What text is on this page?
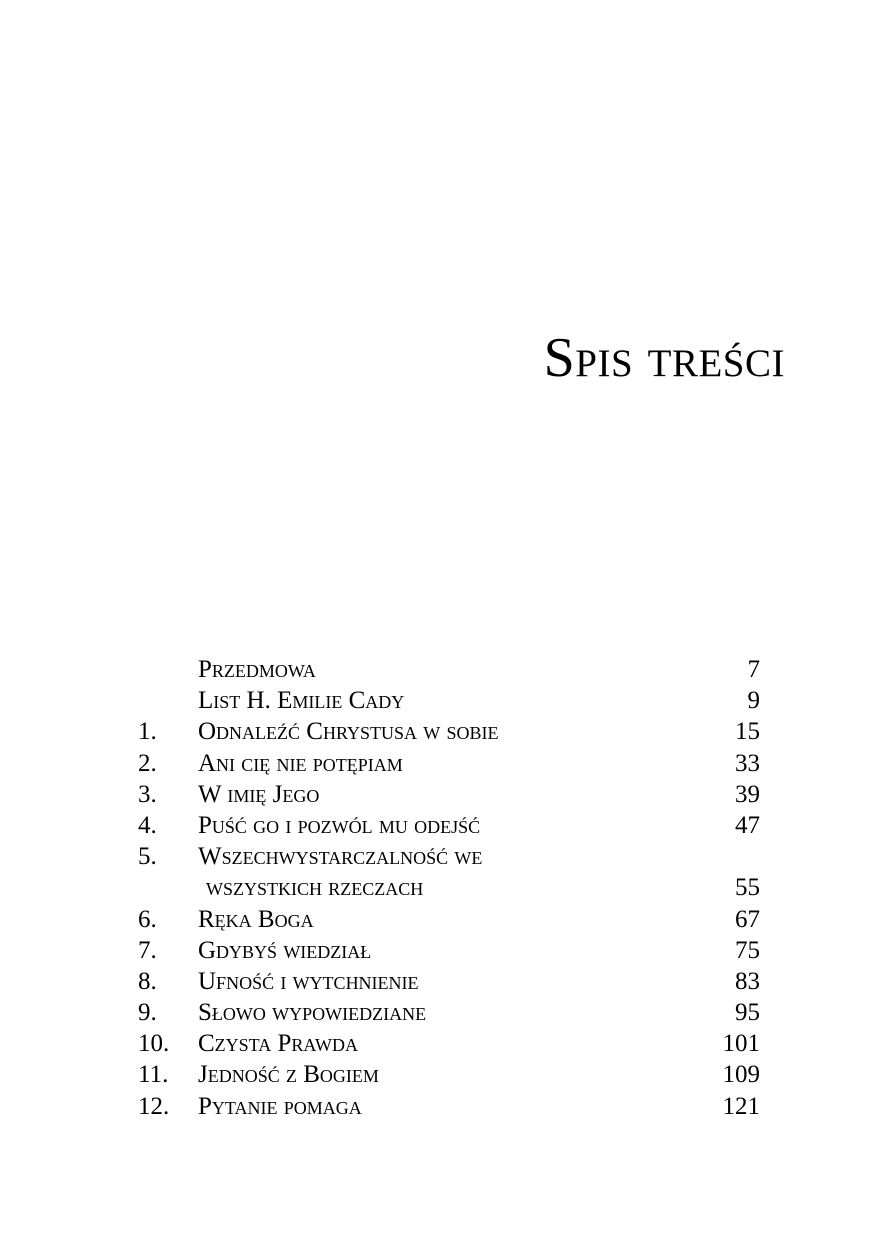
Spis treści
Przedmowa	7
List H. Emilie Cady	9
1.	Odnaleźć Chrystusa w sobie	15
2.	Ani cię nie potępiam	33
3.	W imię Jego	39
4.	Puść go i pozwól mu odejść	47
5.	Wszechwystarczalność we
wszystkich rzeczach	55
6.	Ręka Boga	67
7.	Gdybyś wiedział	75
8.	Ufność i wytchnienie	83
9.	Słowo wypowiedziane	95
10.	Czysta Prawda	101
11.	Jedność z Bogiem	109
12.	Pytanie pomaga	121
